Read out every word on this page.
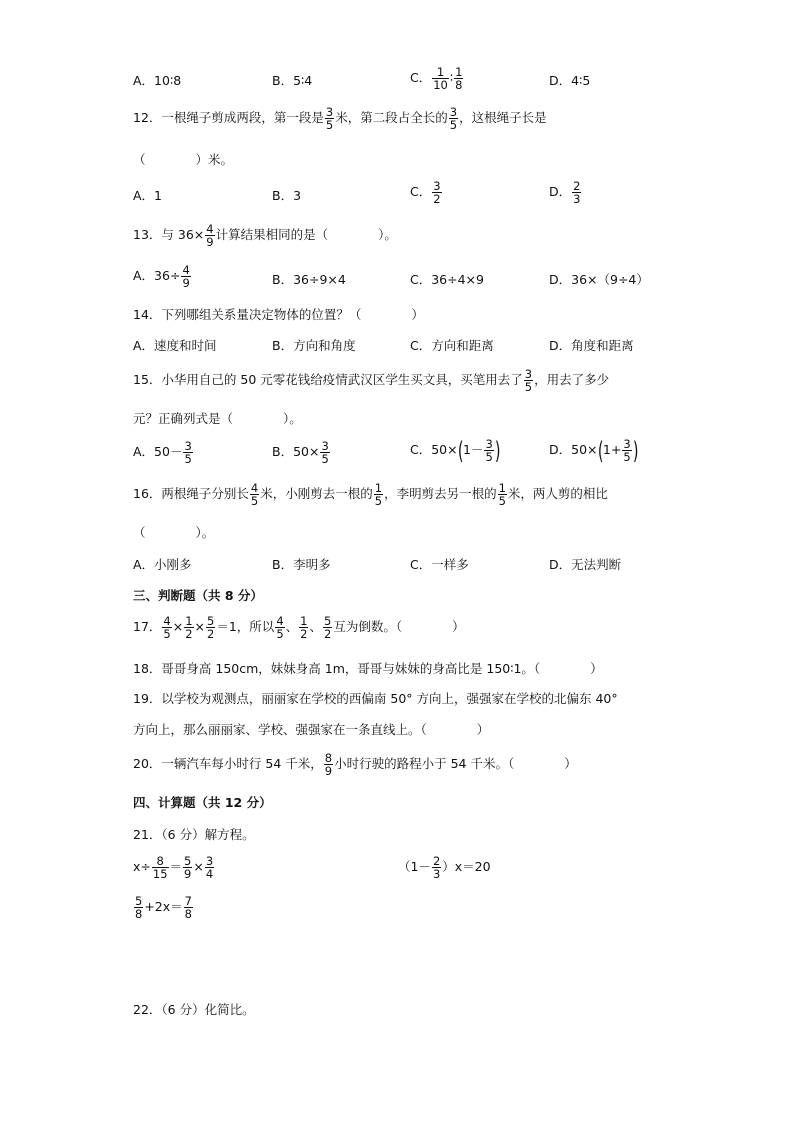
A．10∶8	B．5∶4	C． $\frac{1}{10}$ ∶ $\frac{1}{8}$	D．4∶5
12．一根绳子剪成两段，第一段是 $\frac{3}{5}$ 米，第二段占全长的 $\frac{3}{5}$ ，这根绳子长是
（　　　　）米。
A．1	B．3	C． $\frac{3}{2}$	D． $\frac{2}{3}$
13．与 $36\times \frac{4}{9}$ 计算结果相同的是（　　　　）。
A．$36\div \frac{4}{9}$	B．36÷9×4	C．36÷4×9	D．36×（9÷4）
14．下列哪组关系量决定物体的位置？（　　　　）
A．速度和时间	B．方向和角度	C．方向和距离	D．角度和距离
15．小华用自己的 50 元零花钱给疫情武汉区学生买文具，买笔用去了 $\frac{3}{5}$ ，用去了多少
元？正确列式是（　　　　）。
A．$50- \frac{3}{5}$	B．$50\times \frac{3}{5}$	C．$50\times(1- \frac{3}{5}$ )	D．$50\times(1+ \frac{3}{5}$ )
16．两根绳子分别长 $\frac{4}{5}$ 米，小刚剪去一根的 $\frac{1}{5}$ ，李明剪去另一根的 $\frac{1}{5}$ 米，两人剪的相比
（　　　　）。
A．小刚多	B．李明多	C．一样多	D．无法判断
三、判断题（共 8 分）
17． $\frac{4}{5} \times \frac{1}{2} \times \frac{5}{2} =1$，所以 $\frac{4}{5}$ 、 $\frac{1}{2}$ 、 $\frac{5}{2}$ 互为倒数。（　　　　）
18．哥哥身高 150cm，妹妹身高 1m，哥哥与妹妹的身高比是 150∶1。（　　　　）
19．以学校为观测点，丽丽家在学校的西偏南 50° 方向上，强强家在学校的北偏东 40°
方向上，那么丽丽家、学校、强强家在一条直线上。（　　　　）
20．一辆汽车每小时行 54 千米， $\frac{8}{9}$ 小时行驶的路程小于 54 千米。（　　　　）
四、计算题（共 12 分）
21．（6 分）解方程。
$x\div \frac{8}{15} = \frac{5}{9} \times \frac{3}{4}$	$(1- \frac{2}{3} )x=20$
$\frac{5}{8} +2x= \frac{7}{8}$
22．（6 分）化简比。
